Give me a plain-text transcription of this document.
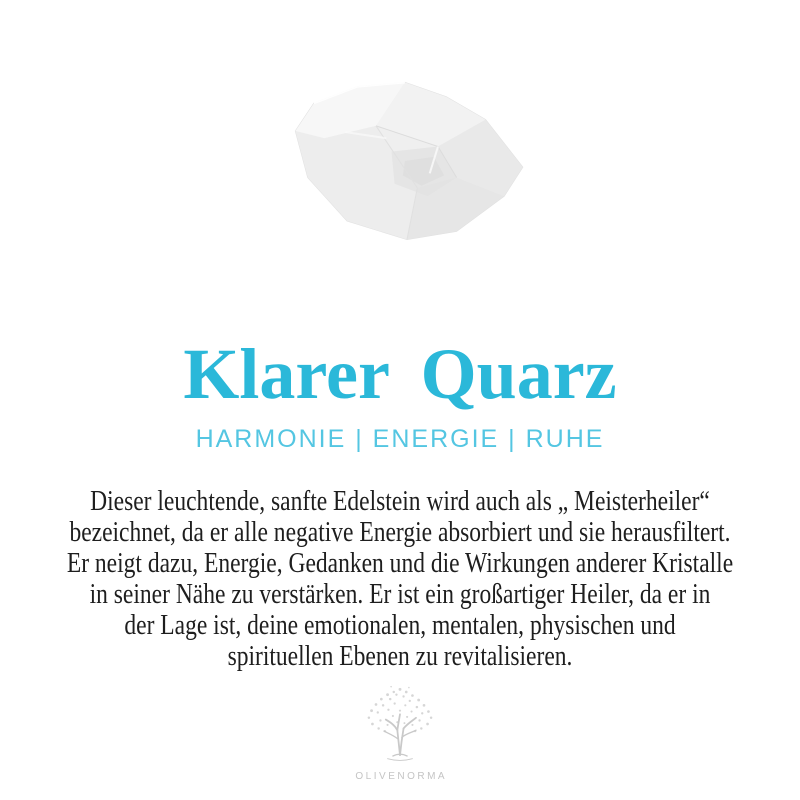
Klarer Quarz
HARMONIE | ENERGIE | RUHE
Dieser leuchtende, sanfte Edelstein wird auch als „ Meisterheiler“
bezeichnet, da er alle negative Energie absorbiert und sie herausfiltert.
Er neigt dazu, Energie, Gedanken und die Wirkungen anderer Kristalle
in seiner Nähe zu verstärken. Er ist ein großartiger Heiler, da er in
der Lage ist, deine emotionalen, mentalen, physischen und
spirituellen Ebenen zu revitalisieren.
OLIVENORMA
